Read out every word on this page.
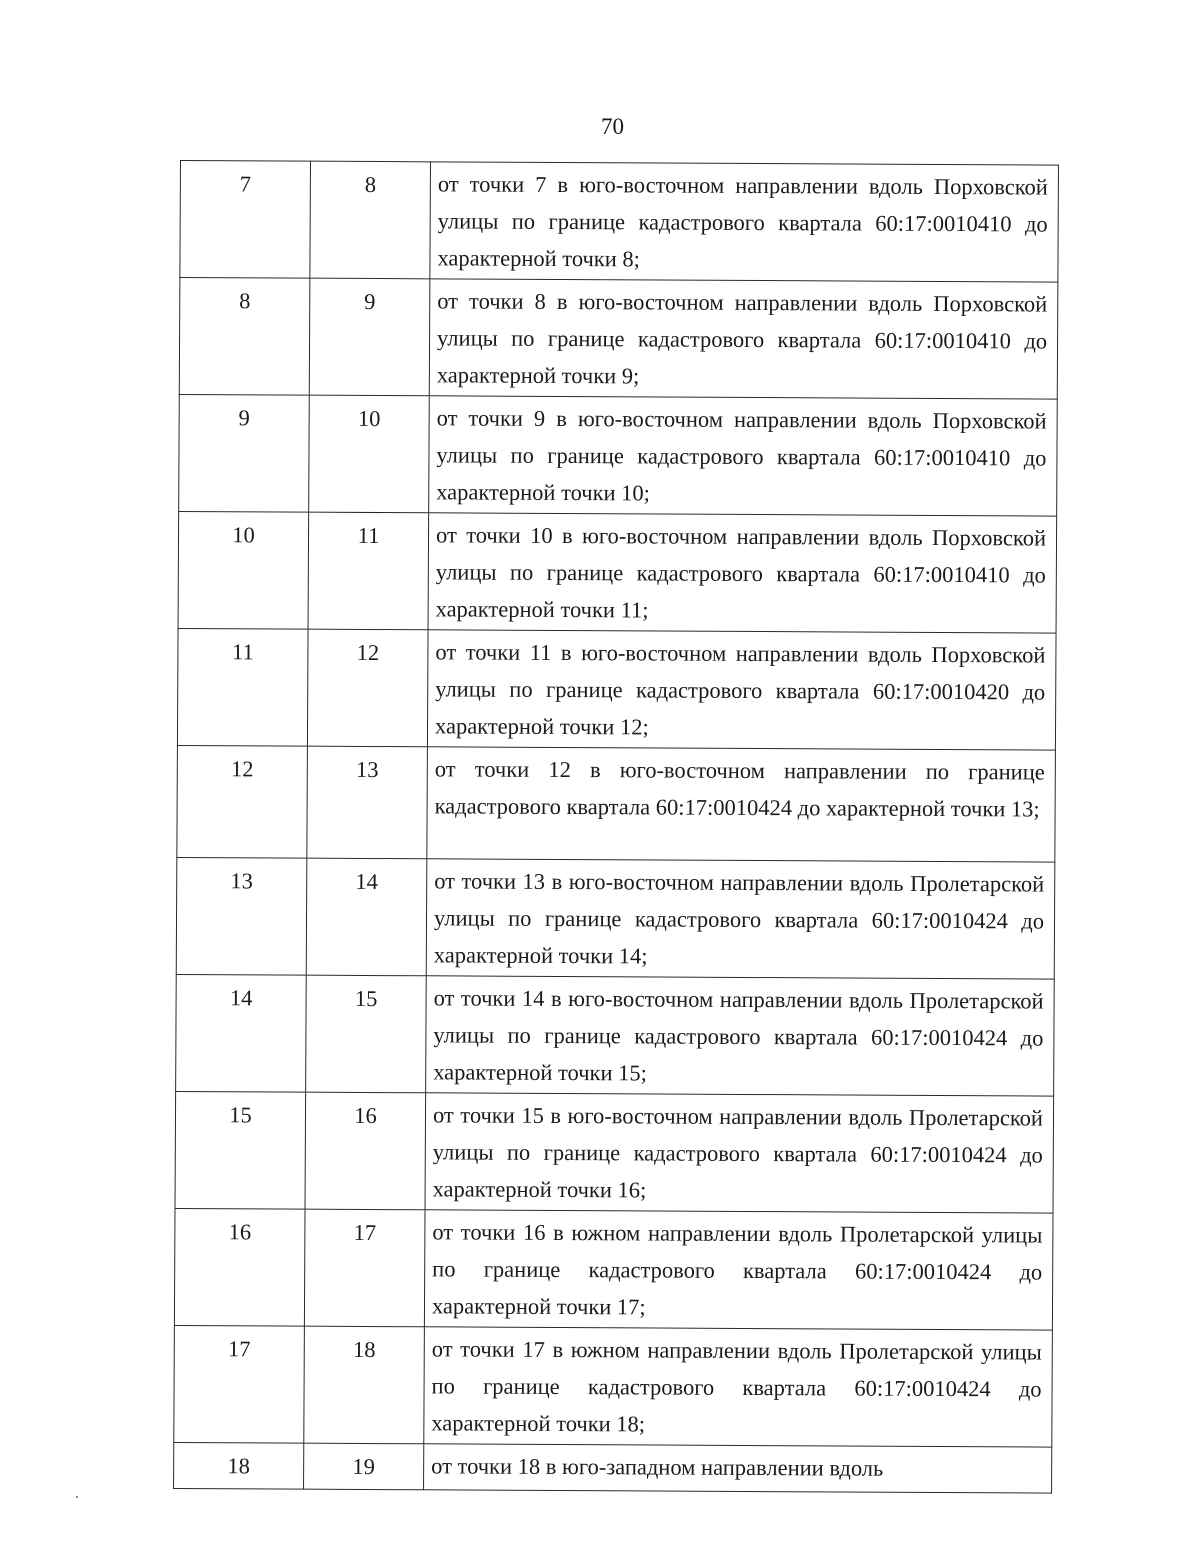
70
7	8	от точки 7 в юго-восточном направлении вдоль Порховской улицы по границе кадастрового квартала 60:17:0010410 до характерной точки 8;
8	9	от точки 8 в юго-восточном направлении вдоль Порховской улицы по границе кадастрового квартала 60:17:0010410 до характерной точки 9;
9	10	от точки 9 в юго-восточном направлении вдоль Порховской улицы по границе кадастрового квартала 60:17:0010410 до характерной точки 10;
10	11	от точки 10 в юго-восточном направлении вдоль Порховской улицы по границе кадастрового квартала 60:17:0010410 до характерной точки 11;
11	12	от точки 11 в юго-восточном направлении вдоль Порховской улицы по границе кадастрового квартала 60:17:0010420 до характерной точки 12;
12	13	от точки 12 в юго-восточном направлении по границе кадастрового квартала 60:17:0010424 до характерной точки 13;
13	14	от точки 13 в юго-восточном направлении вдоль Пролетарской улицы по границе кадастрового квартала 60:17:0010424 до характерной точки 14;
14	15	от точки 14 в юго-восточном направлении вдоль Пролетарской улицы по границе кадастрового квартала 60:17:0010424 до характерной точки 15;
15	16	от точки 15 в юго-восточном направлении вдоль Пролетарской улицы по границе кадастрового квартала 60:17:0010424 до характерной точки 16;
16	17	от точки 16 в южном направлении вдоль Пролетарской улицы по границе кадастрового квартала 60:17:0010424 до характерной точки 17;
17	18	от точки 17 в южном направлении вдоль Пролетарской улицы по границе кадастрового квартала 60:17:0010424 до характерной точки 18;
18	19	от точки 18 в юго-западном направлении вдоль
